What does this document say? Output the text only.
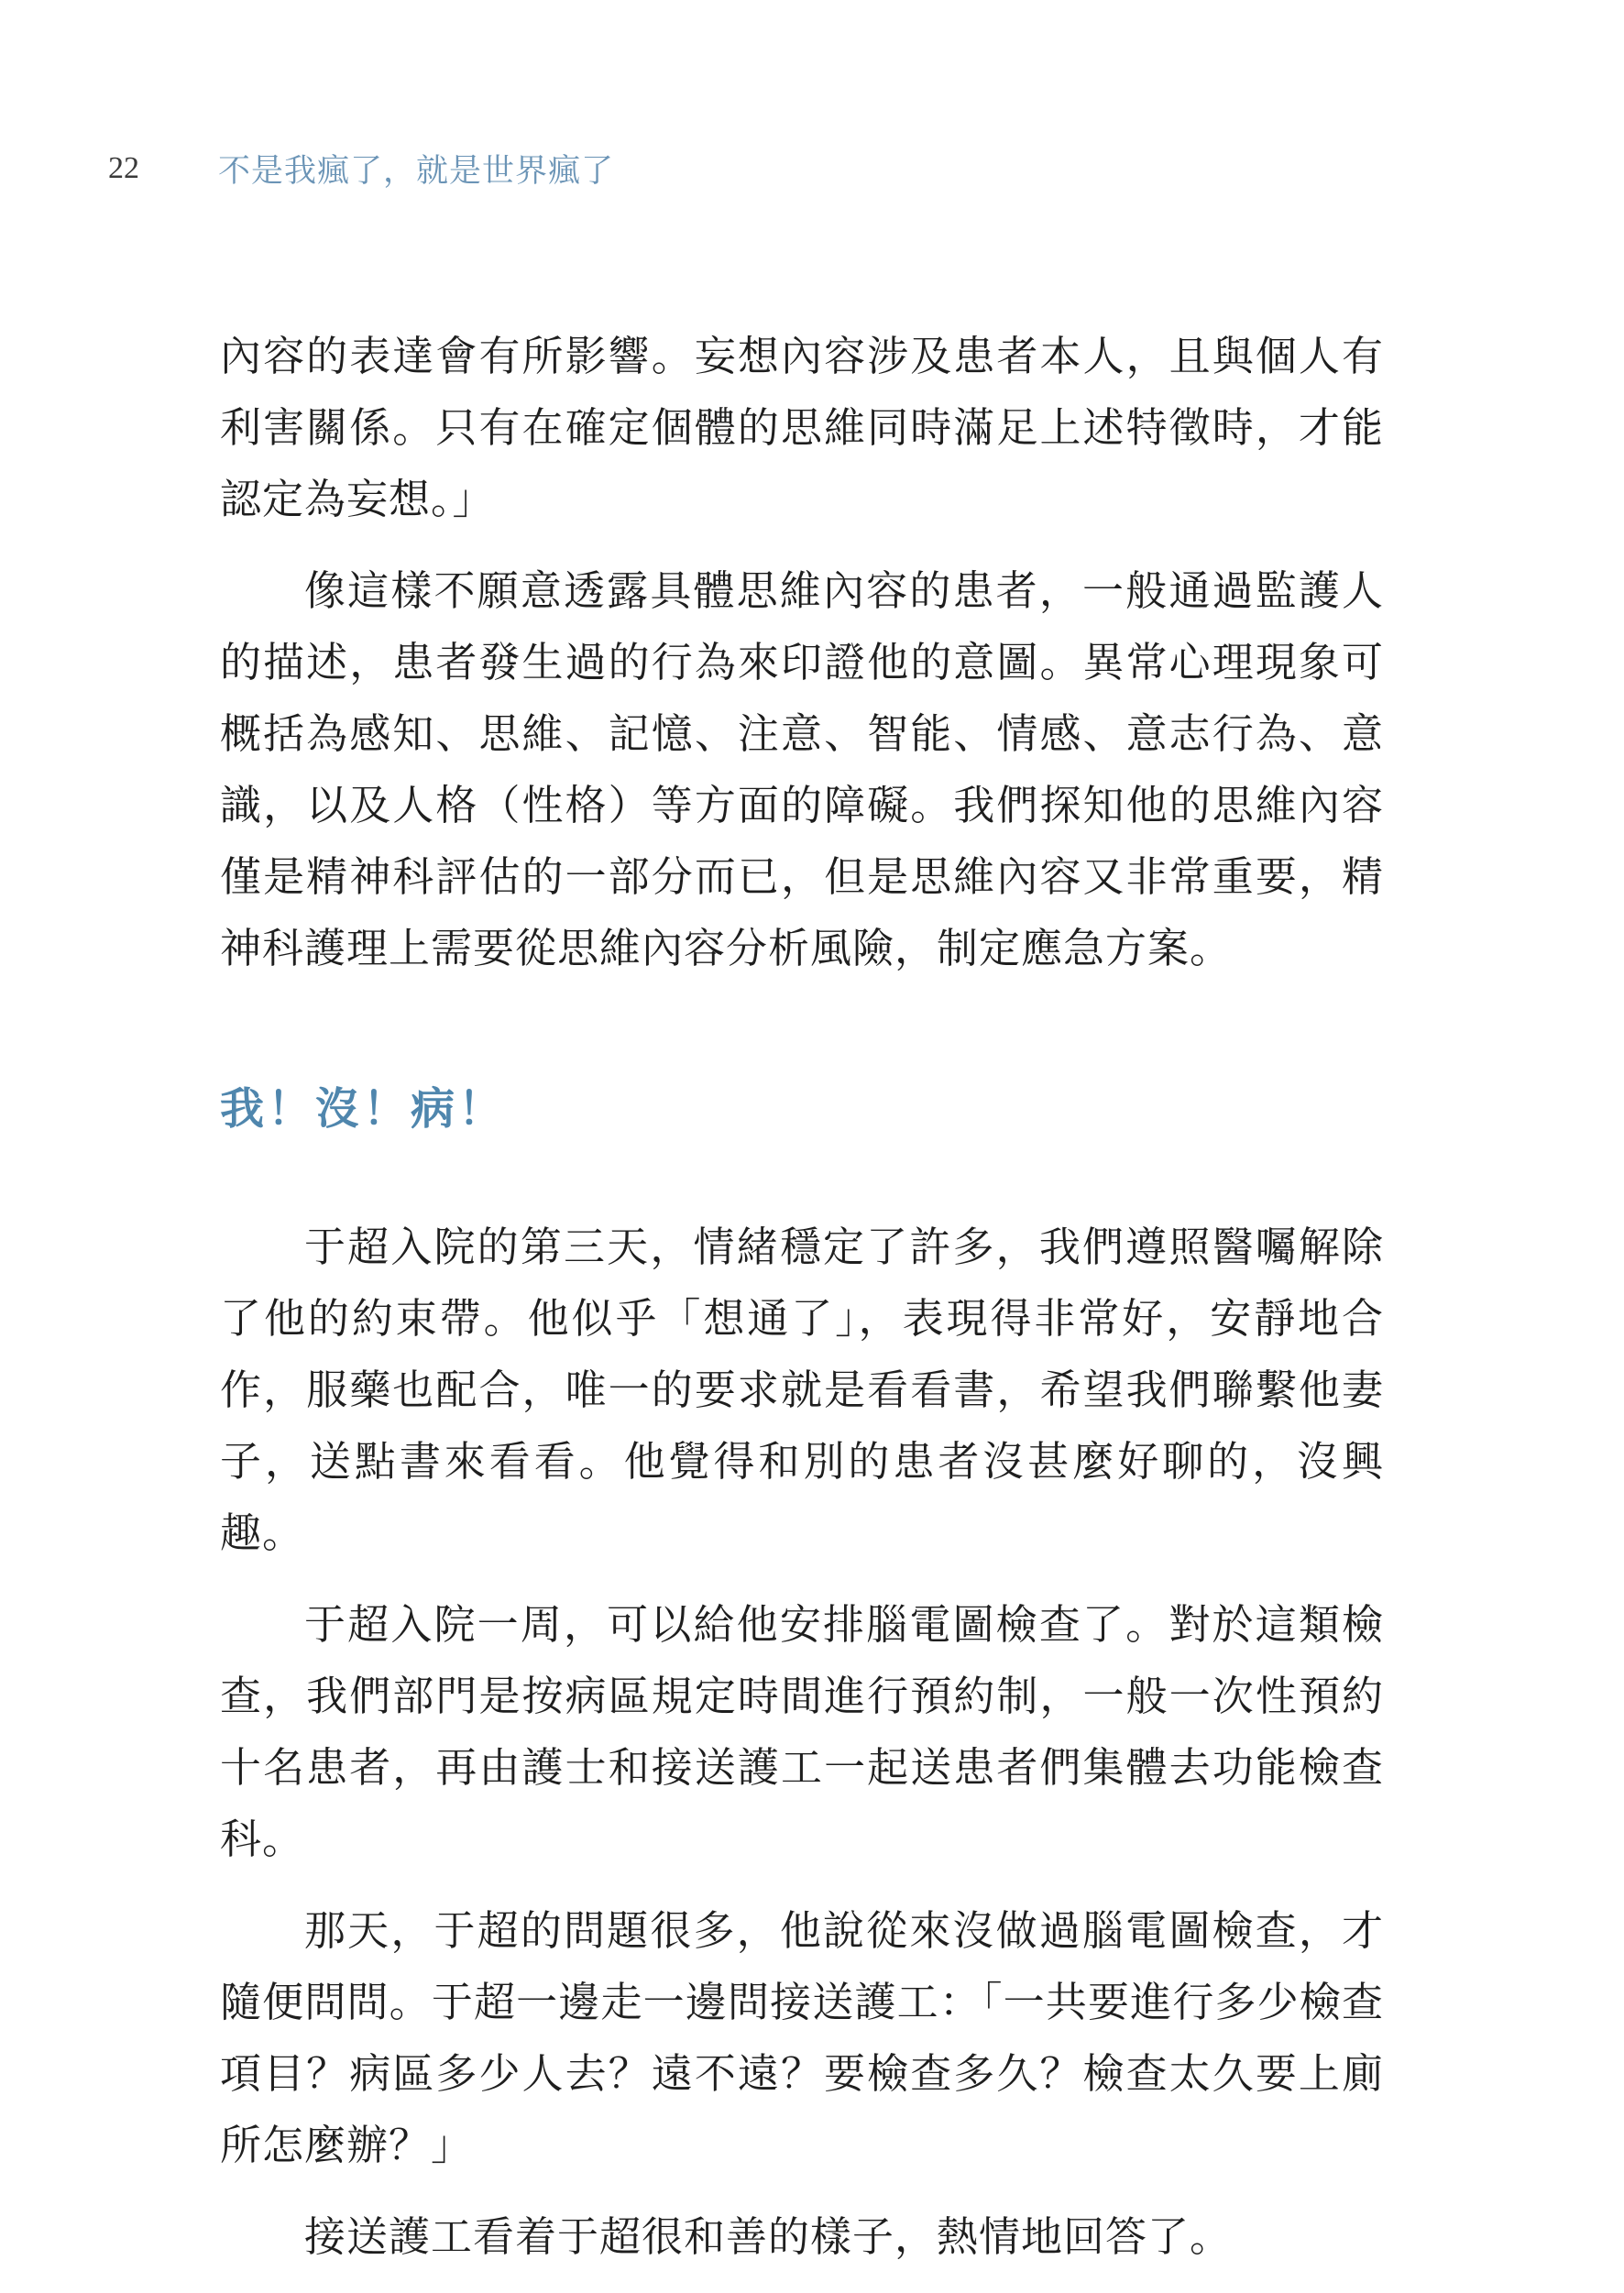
22	不是我瘋了，就是世界瘋了

內容的表達會有所影響。妄想內容涉及患者本人，且與個人有利害關係。只有在確定個體的思維同時滿足上述特徵時，才能認定為妄想。」

像這樣不願意透露具體思維內容的患者，一般通過監護人的描述，患者發生過的行為來印證他的意圖。異常心理現象可概括為感知、思維、記憶、注意、智能、情感、意志行為、意識，以及人格（性格）等方面的障礙。我們探知他的思維內容僅是精神科評估的一部分而已，但是思維內容又非常重要，精神科護理上需要從思維內容分析風險，制定應急方案。

我！沒！病！

于超入院的第三天，情緒穩定了許多，我們遵照醫囑解除了他的約束帶。他似乎「想通了」，表現得非常好，安靜地合作，服藥也配合，唯一的要求就是看看書，希望我們聯繫他妻子，送點書來看看。他覺得和別的患者沒甚麼好聊的，沒興趣。

于超入院一周，可以給他安排腦電圖檢查了。對於這類檢查，我們部門是按病區規定時間進行預約制，一般一次性預約十名患者，再由護士和接送護工一起送患者們集體去功能檢查科。

那天，于超的問題很多，他說從來沒做過腦電圖檢查，才隨便問問。于超一邊走一邊問接送護工：「一共要進行多少檢查項目？病區多少人去？遠不遠？要檢查多久？檢查太久要上廁所怎麼辦？」

接送護工看着于超很和善的樣子，熱情地回答了。
